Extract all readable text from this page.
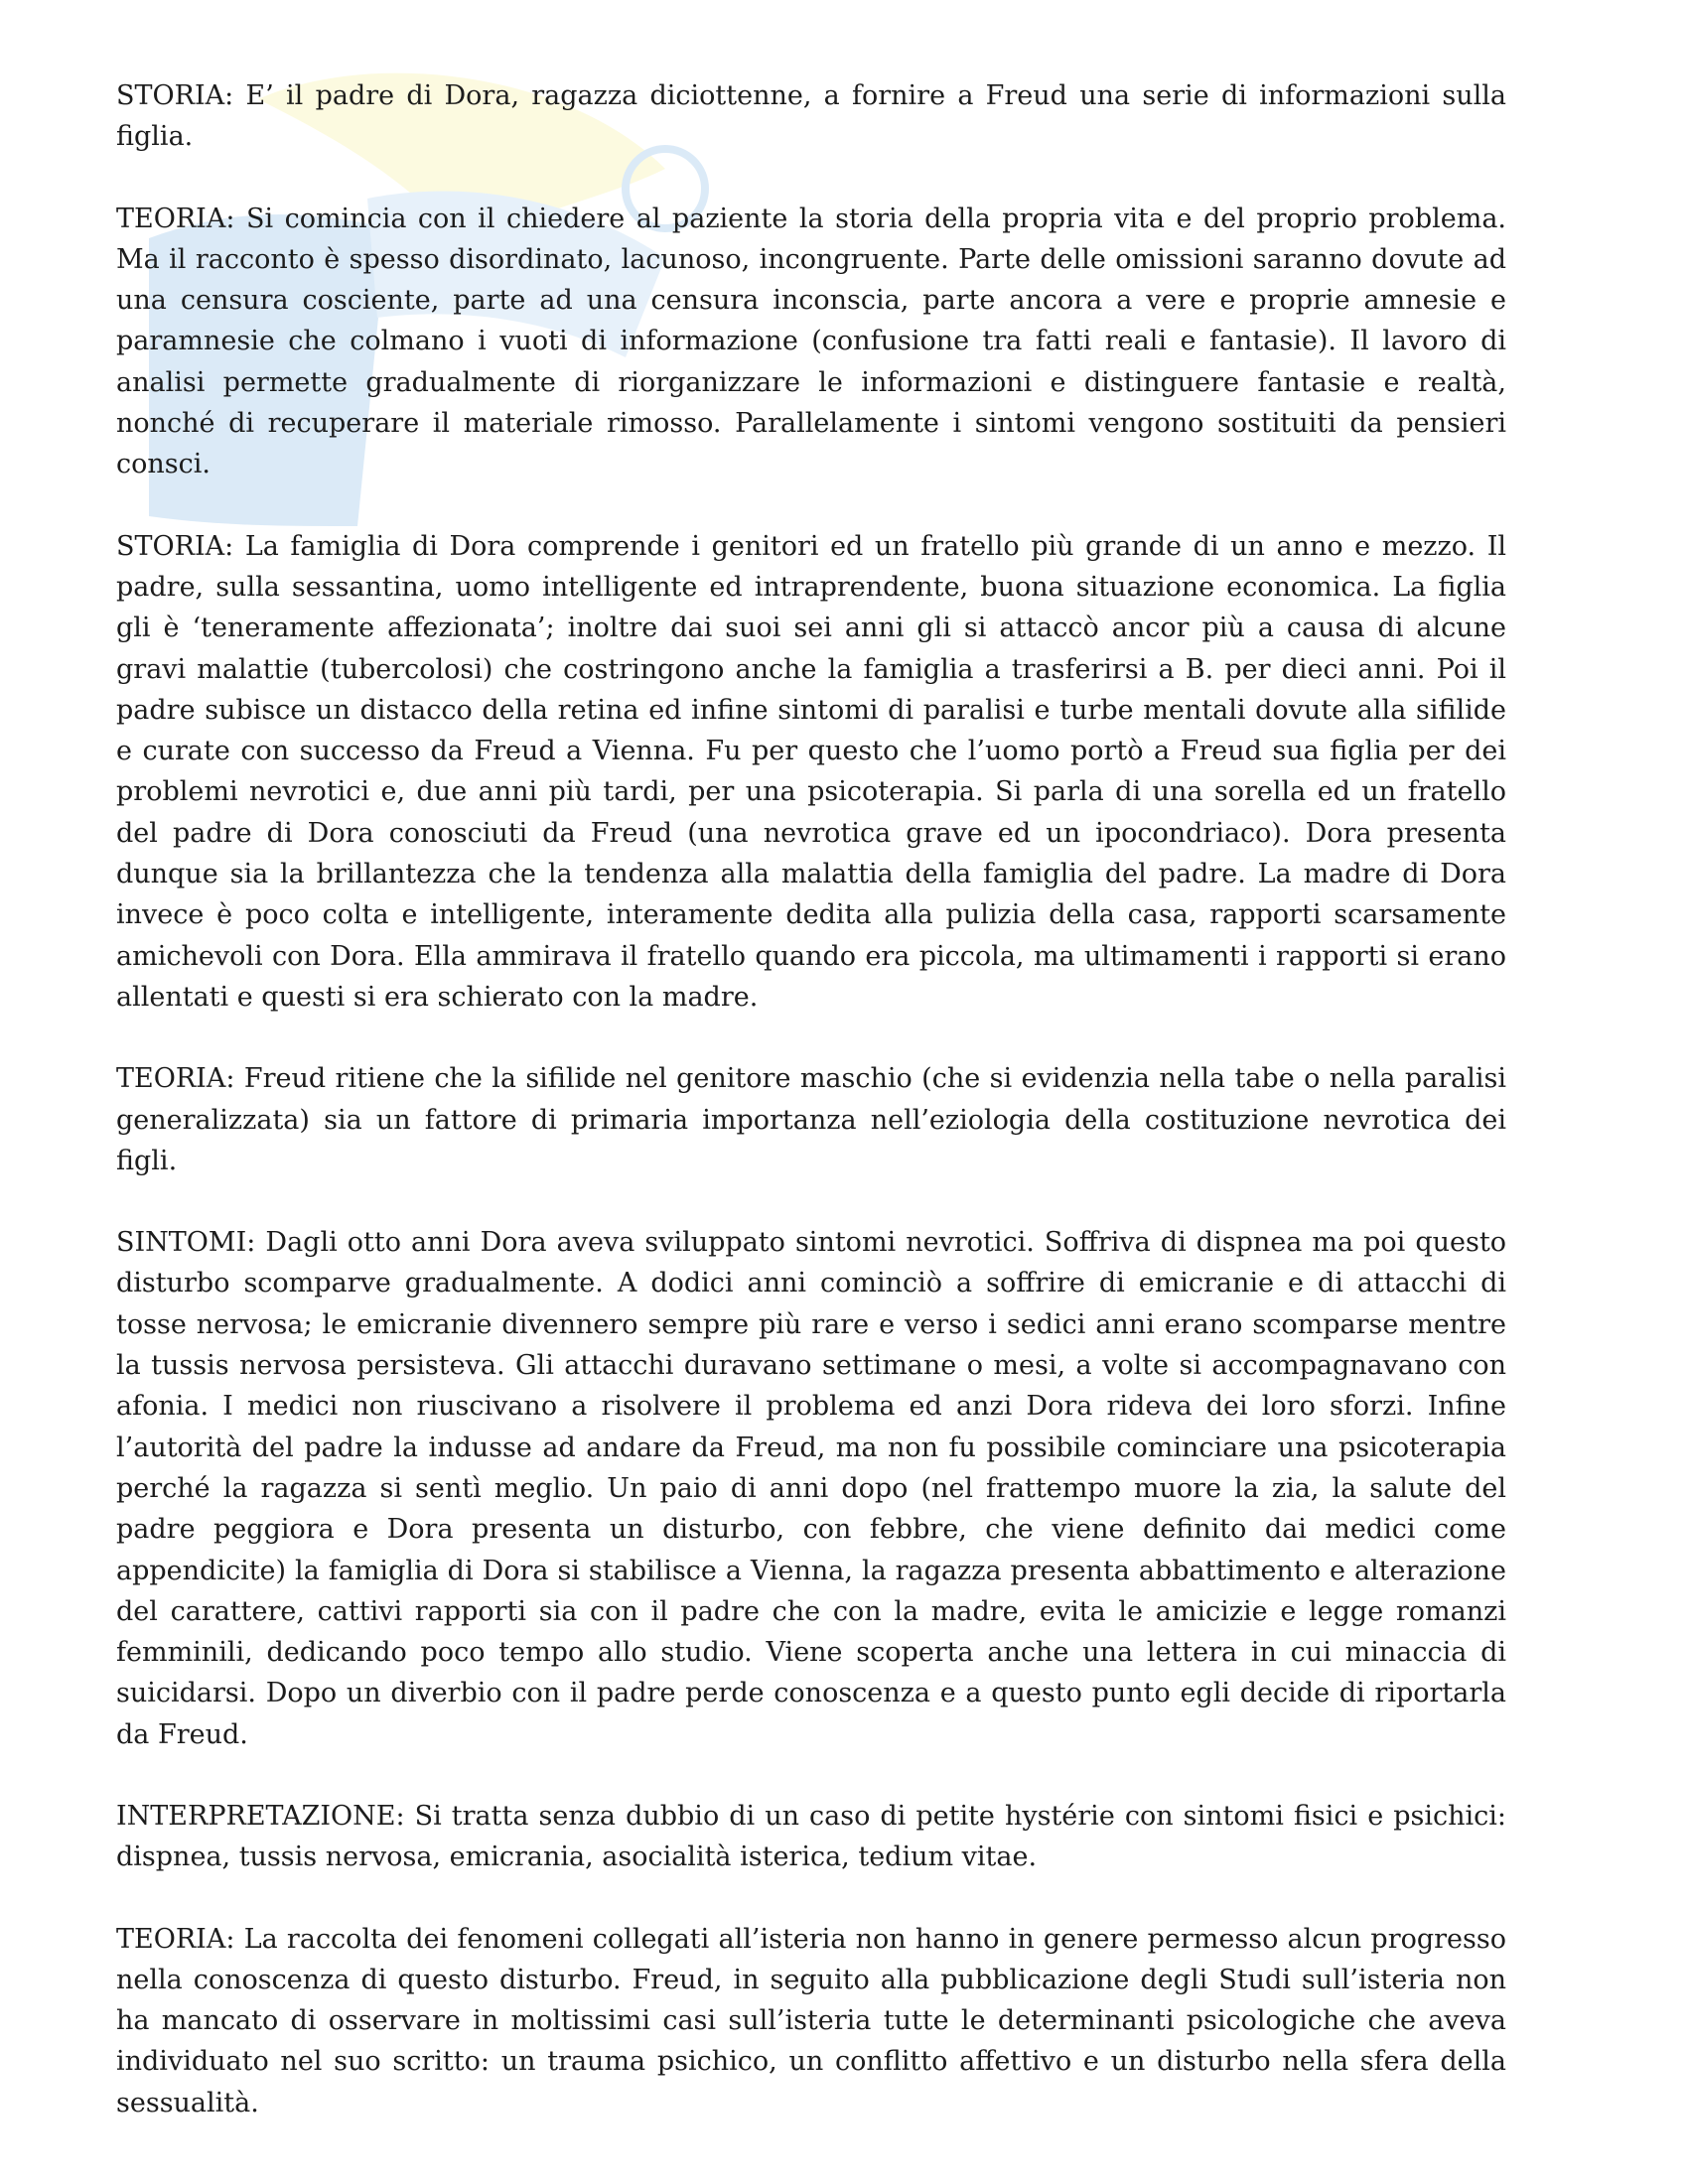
STORIA: E’ il padre di Dora, ragazza diciottenne, a fornire a Freud una serie di informazioni sulla figlia.

TEORIA: Si comincia con il chiedere al paziente la storia della propria vita e del proprio problema. Ma il racconto è spesso disordinato, lacunoso, incongruente. Parte delle omissioni saranno dovute ad una censura cosciente, parte ad una censura inconscia, parte ancora a vere e proprie amnesie e paramnesie che colmano i vuoti di informazione (confusione tra fatti reali e fantasie). Il lavoro di analisi permette gradualmente di riorganizzare le informazioni e distinguere fantasie e realtà, nonché di recuperare il materiale rimosso. Parallelamente i sintomi vengono sostituiti da pensieri consci.

STORIA: La famiglia di Dora comprende i genitori ed un fratello più grande di un anno e mezzo. Il padre, sulla sessantina, uomo intelligente ed intraprendente, buona situazione economica. La figlia gli è ‘teneramente affezionata’; inoltre dai suoi sei anni gli si attaccò ancor più a causa di alcune gravi malattie (tubercolosi) che costringono anche la famiglia a trasferirsi a B. per dieci anni. Poi il padre subisce un distacco della retina ed infine sintomi di paralisi e turbe mentali dovute alla sifilide e curate con successo da Freud a Vienna. Fu per questo che l’uomo portò a Freud sua figlia per dei problemi nevrotici e, due anni più tardi, per una psicoterapia. Si parla di una sorella ed un fratello del padre di Dora conosciuti da Freud (una nevrotica grave ed un ipocondriaco). Dora presenta dunque sia la brillantezza che la tendenza alla malattia della famiglia del padre. La madre di Dora invece è poco colta e intelligente, interamente dedita alla pulizia della casa, rapporti scarsamente amichevoli con Dora. Ella ammirava il fratello quando era piccola, ma ultimamenti i rapporti si erano allentati e questi si era schierato con la madre.

TEORIA: Freud ritiene che la sifilide nel genitore maschio (che si evidenzia nella tabe o nella paralisi generalizzata) sia un fattore di primaria importanza nell’eziologia della costituzione nevrotica dei figli.

SINTOMI: Dagli otto anni Dora aveva sviluppato sintomi nevrotici. Soffriva di dispnea ma poi questo disturbo scomparve gradualmente. A dodici anni cominciò a soffrire di emicranie e di attacchi di tosse nervosa; le emicranie divennero sempre più rare e verso i sedici anni erano scomparse mentre la tussis nervosa persisteva. Gli attacchi duravano settimane o mesi, a volte si accompagnavano con afonia. I medici non riuscivano a risolvere il problema ed anzi Dora rideva dei loro sforzi. Infine l’autorità del padre la indusse ad andare da Freud, ma non fu possibile cominciare una psicoterapia perché la ragazza si sentì meglio. Un paio di anni dopo (nel frattempo muore la zia, la salute del padre peggiora e Dora presenta un disturbo, con febbre, che viene definito dai medici come appendicite) la famiglia di Dora si stabilisce a Vienna, la ragazza presenta abbattimento e alterazione del carattere, cattivi rapporti sia con il padre che con la madre, evita le amicizie e legge romanzi femminili, dedicando poco tempo allo studio. Viene scoperta anche una lettera in cui minaccia di suicidarsi. Dopo un diverbio con il padre perde conoscenza e a questo punto egli decide di riportarla da Freud.

INTERPRETAZIONE: Si tratta senza dubbio di un caso di petite hystérie con sintomi fisici e psichici: dispnea, tussis nervosa, emicrania, asocialità isterica, tedium vitae.

TEORIA: La raccolta dei fenomeni collegati all’isteria non hanno in genere permesso alcun progresso nella conoscenza di questo disturbo. Freud, in seguito alla pubblicazione degli Studi sull’isteria non ha mancato di osservare in moltissimi casi sull’isteria tutte le determinanti psicologiche che aveva individuato nel suo scritto: un trauma psichico, un conflitto affettivo e un disturbo nella sfera della sessualità.
